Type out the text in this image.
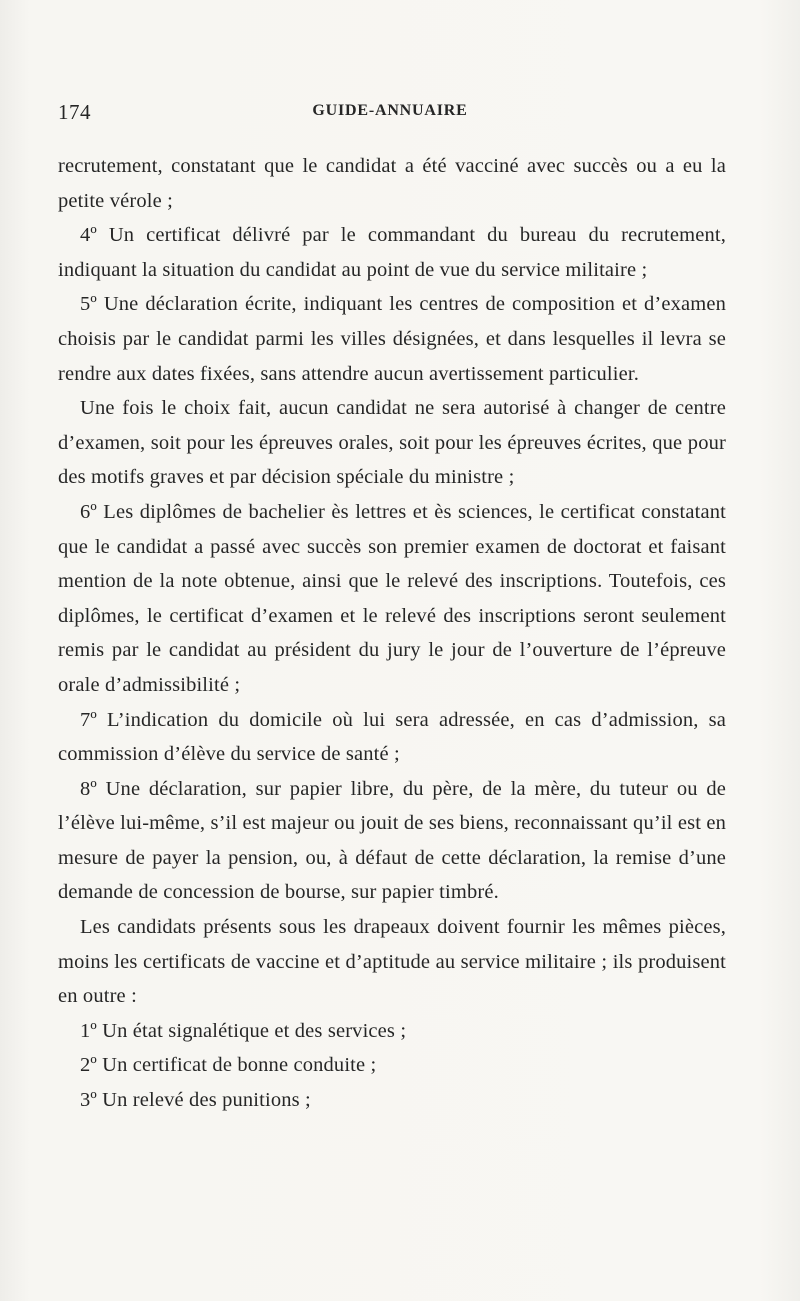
174	GUIDE-ANNUAIRE

recrutement, constatant que le candidat a été vacciné avec succès ou a eu la petite vérole ;

4º Un certificat délivré par le commandant du bureau du recrutement, indiquant la situation du candidat au point de vue du service militaire ;

5º Une déclaration écrite, indiquant les centres de composition et d’examen choisis par le candidat parmi les villes désignées, et dans lesquelles il levra se rendre aux dates fixées, sans attendre aucun avertissement particulier.

Une fois le choix fait, aucun candidat ne sera autorisé à changer de centre d’examen, soit pour les épreuves orales, soit pour les épreuves écrites, que pour des motifs graves et par décision spéciale du ministre ;

6º Les diplômes de bachelier ès lettres et ès sciences, le certificat constatant que le candidat a passé avec succès son premier examen de doctorat et faisant mention de la note obtenue, ainsi que le relevé des inscriptions. Toutefois, ces diplômes, le certificat d’examen et le relevé des inscriptions seront seulement remis par le candidat au président du jury le jour de l’ouverture de l’épreuve orale d’admissibilité ;

7º L’indication du domicile où lui sera adressée, en cas d’admission, sa commission d’élève du service de santé ;

8º Une déclaration, sur papier libre, du père, de la mère, du tuteur ou de l’élève lui-même, s’il est majeur ou jouit de ses biens, reconnaissant qu’il est en mesure de payer la pension, ou, à défaut de cette déclaration, la remise d’une demande de concession de bourse, sur papier timbré.

Les candidats présents sous les drapeaux doivent fournir les mêmes pièces, moins les certificats de vaccine et d’aptitude au service militaire ; ils produisent en outre :

1º Un état signalétique et des services ;

2º Un certificat de bonne conduite ;

3º Un relevé des punitions ;
